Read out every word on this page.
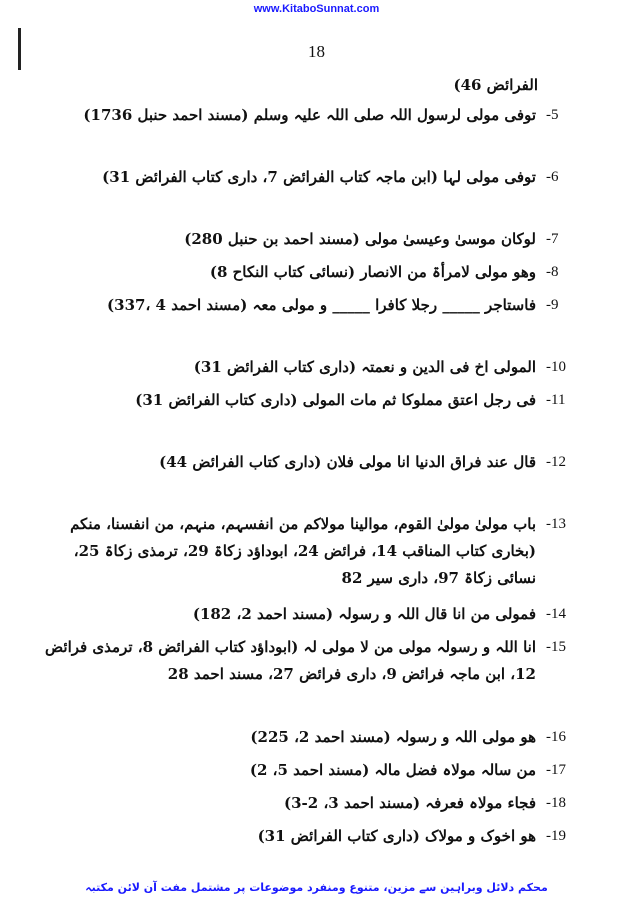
www.KitaboSunnat.com
18
الفرائض 46)
-5
توفی مولی لرسول اللہ صلی اللہ علیہ وسلم (مسند احمد حنبل 1736)
-6
توفی مولی لہا (ابن ماجہ کتاب الفرائض 7، داری کتاب الفرائض 31)
-7
لوکان موسیٰ وعیسیٰ مولی (مسند احمد بن حنبل 280)
-8
وھو مولی لامرأۃ من الانصار (نسائی کتاب النکاح 8)
-9
فاستاجر _____ رجلا کافرا _____ و مولی معہ (مسند احمد 4 ،337)
-10
المولی اخ فی الدین و نعمتہ (داری کتاب الفرائض 31)
-11
فی رجل اعتق مملوکا ثم مات المولی (داری کتاب الفرائض 31)
-12
قال عند فراق الدنیا انا مولی فلان (داری کتاب الفرائض 44)
-13
باب مولیٰ مولیٰ القوم، موالینا مولاکم من انفسہم، منہم، من انفسنا، منکم (بخاری کتاب المناقب 14، فرائض 24، ابوداؤد زکاۃ 29، ترمذی زکاۃ 25، نسائی زکاۃ 97، داری سیر 82
-14
فمولی من انا قال اللہ و رسولہ (مسند احمد 2، 182)
-15
انا اللہ و رسولہ مولی من لا مولی لہ (ابوداؤد کتاب الفرائض 8، ترمذی فرائض 12، ابن ماجہ فرائض 9، داری فرائض 27، مسند احمد 28
-16
ھو مولی اللہ و رسولہ (مسند احمد 2، 225)
-17
من سالہ مولاہ فضل مالہ (مسند احمد 5، 2)
-18
فجاء مولاہ فعرفہ (مسند احمد 3، 2-3)
-19
ھو اخوک و مولاک (داری کتاب الفرائض 31)
محکم دلائل وبراہین سے مزین، متنوع ومنفرد موضوعات پر مشتمل مفت آن لائن مکتبہ
